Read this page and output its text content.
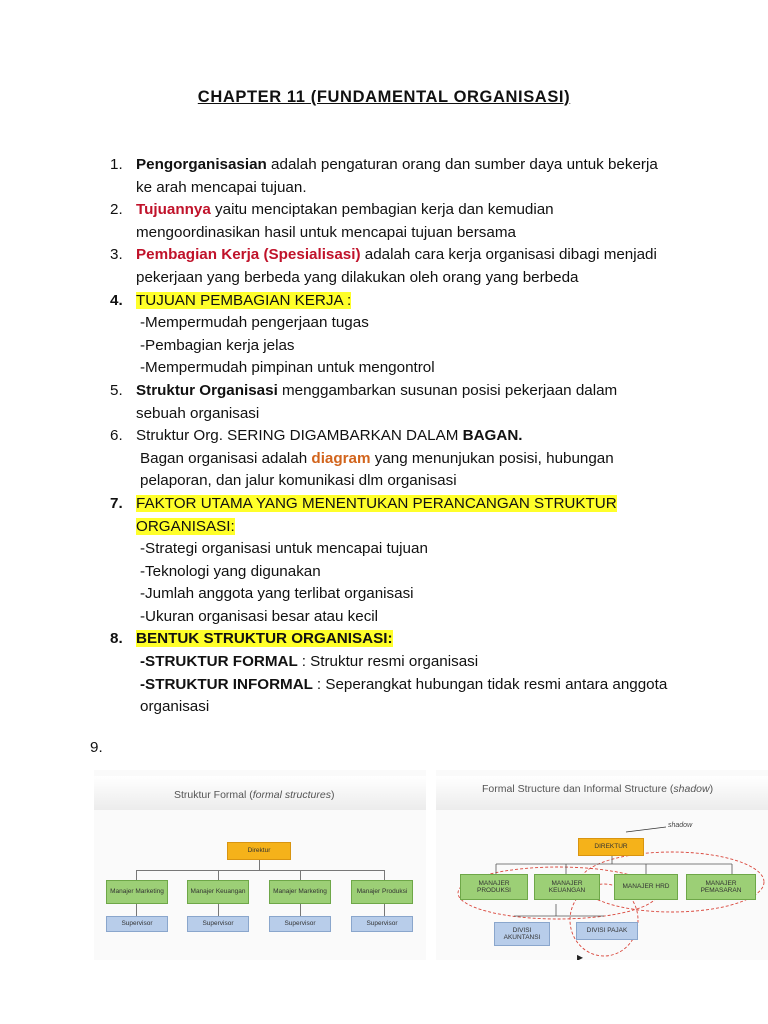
CHAPTER 11 (FUNDAMENTAL ORGANISASI)
1. Pengorganisasian adalah pengaturan orang dan sumber daya untuk bekerja ke arah mencapai tujuan.
2. Tujuannya yaitu menciptakan pembagian kerja dan kemudian mengoordinasikan hasil untuk mencapai tujuan bersama
3. Pembagian Kerja (Spesialisasi) adalah cara kerja organisasi dibagi menjadi pekerjaan yang berbeda yang dilakukan oleh orang yang berbeda
4. TUJUAN PEMBAGIAN KERJA :
-Mempermudah pengerjaan tugas
-Pembagian kerja jelas
-Mempermudah pimpinan untuk mengontrol
5. Struktur Organisasi menggambarkan susunan posisi pekerjaan dalam sebuah organisasi
6. Struktur Org. SERING DIGAMBARKAN DALAM BAGAN.
Bagan organisasi adalah diagram yang menunjukan posisi, hubungan pelaporan, dan jalur komunikasi dlm organisasi
7. FAKTOR UTAMA YANG MENENTUKAN PERANCANGAN STRUKTUR ORGANISASI:
-Strategi organisasi untuk mencapai tujuan
-Teknologi yang digunakan
-Jumlah anggota yang terlibat organisasi
-Ukuran organisasi besar atau kecil
8. BENTUK STRUKTUR ORGANISASI:
-STRUKTUR FORMAL : Struktur resmi organisasi
-STRUKTUR INFORMAL : Seperangkat hubungan tidak resmi antara anggota organisasi
9.
Struktur Formal (formal structures)
Direktur
Manajer Marketing	Manajer Keuangan	Manajer Marketing	Manajer Produksi
Supervisor	Supervisor	Supervisor	Supervisor
Formal Structure dan Informal Structure (shadow)
shadow
DIREKTUR
MANAJER PRODUKSI
MANAJER KEUANGAN
MANAJER HRD
MANAJER PEMASARAN
DIVISI AKUNTANSI
DIVISI PAJAK
▸
